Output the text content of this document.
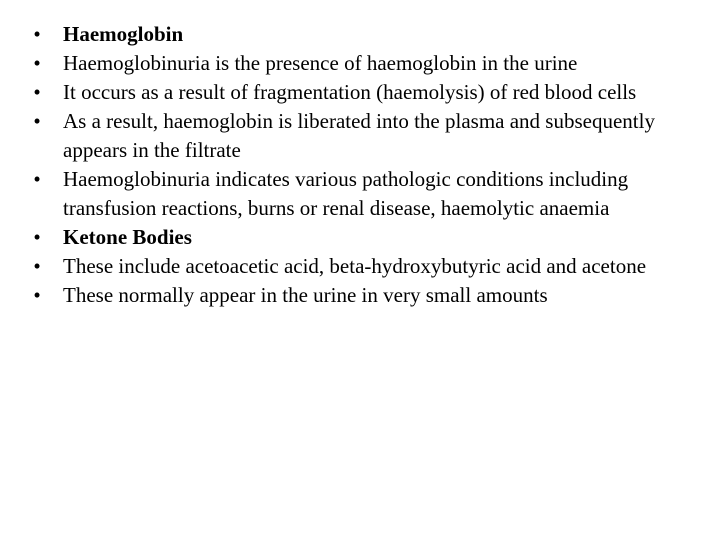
•	Haemoglobin
•	Haemoglobinuria is the presence of haemoglobin in the urine
•	It occurs as a result of fragmentation (haemolysis) of red blood cells
•	As a result, haemoglobin is liberated into the plasma and subsequently appears in the filtrate
•	Haemoglobinuria indicates various pathologic conditions including transfusion reactions, burns or renal disease, haemolytic anaemia
•	Ketone Bodies
•	These include acetoacetic acid, beta-hydroxybutyric acid and acetone
•	These normally appear in the urine in very small amounts
